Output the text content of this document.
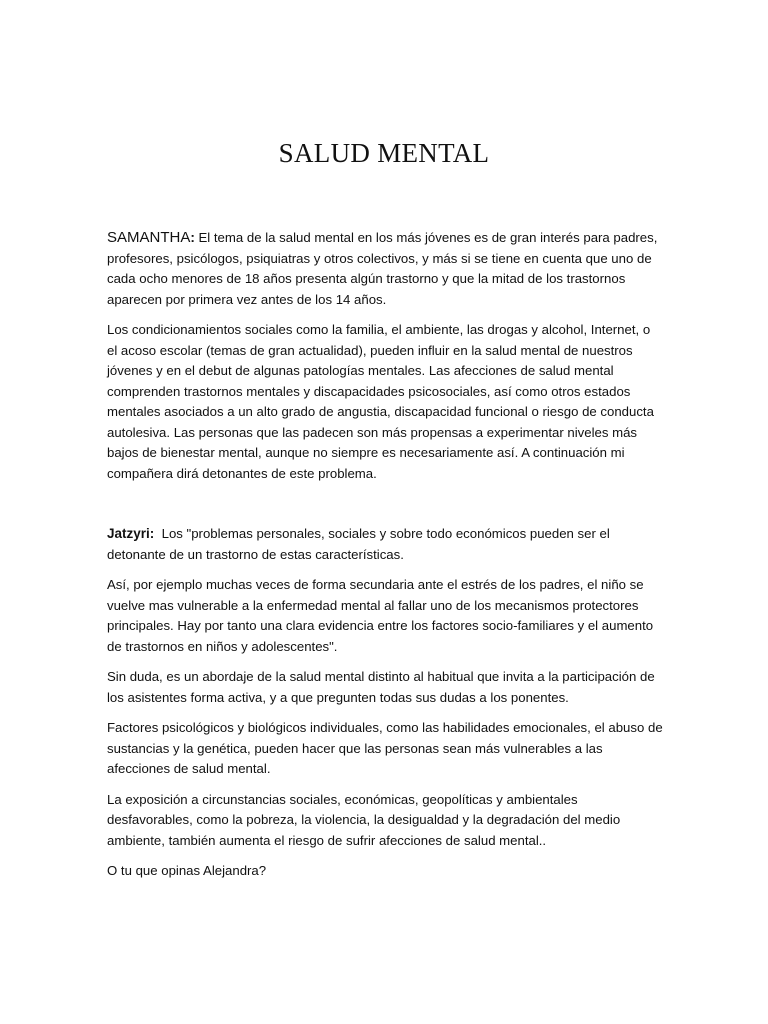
SALUD MENTAL

SAMANTHA: El tema de la salud mental en los más jóvenes es de gran interés para padres, profesores, psicólogos, psiquiatras y otros colectivos, y más si se tiene en cuenta que uno de cada ocho menores de 18 años presenta algún trastorno y que la mitad de los trastornos aparecen por primera vez antes de los 14 años.

Los condicionamientos sociales como la familia, el ambiente, las drogas y alcohol, Internet, o el acoso escolar (temas de gran actualidad), pueden influir en la salud mental de nuestros jóvenes y en el debut de algunas patologías mentales. Las afecciones de salud mental comprenden trastornos mentales y discapacidades psicosociales, así como otros estados mentales asociados a un alto grado de angustia, discapacidad funcional o riesgo de conducta autolesiva. Las personas que las padecen son más propensas a experimentar niveles más bajos de bienestar mental, aunque no siempre es necesariamente así. A continuación mi compañera dirá detonantes de este problema.

Jatzyri: Los "problemas personales, sociales y sobre todo económicos pueden ser el detonante de un trastorno de estas características.

Así, por ejemplo muchas veces de forma secundaria ante el estrés de los padres, el niño se vuelve mas vulnerable a la enfermedad mental al fallar uno de los mecanismos protectores principales. Hay por tanto una clara evidencia entre los factores socio-familiares y el aumento de trastornos en niños y adolescentes".

Sin duda, es un abordaje de la salud mental distinto al habitual que invita a la participación de los asistentes forma activa, y a que pregunten todas sus dudas a los ponentes.

Factores psicológicos y biológicos individuales, como las habilidades emocionales, el abuso de sustancias y la genética, pueden hacer que las personas sean más vulnerables a las afecciones de salud mental.

La exposición a circunstancias sociales, económicas, geopolíticas y ambientales desfavorables, como la pobreza, la violencia, la desigualdad y la degradación del medio ambiente, también aumenta el riesgo de sufrir afecciones de salud mental..

O tu que opinas Alejandra?
